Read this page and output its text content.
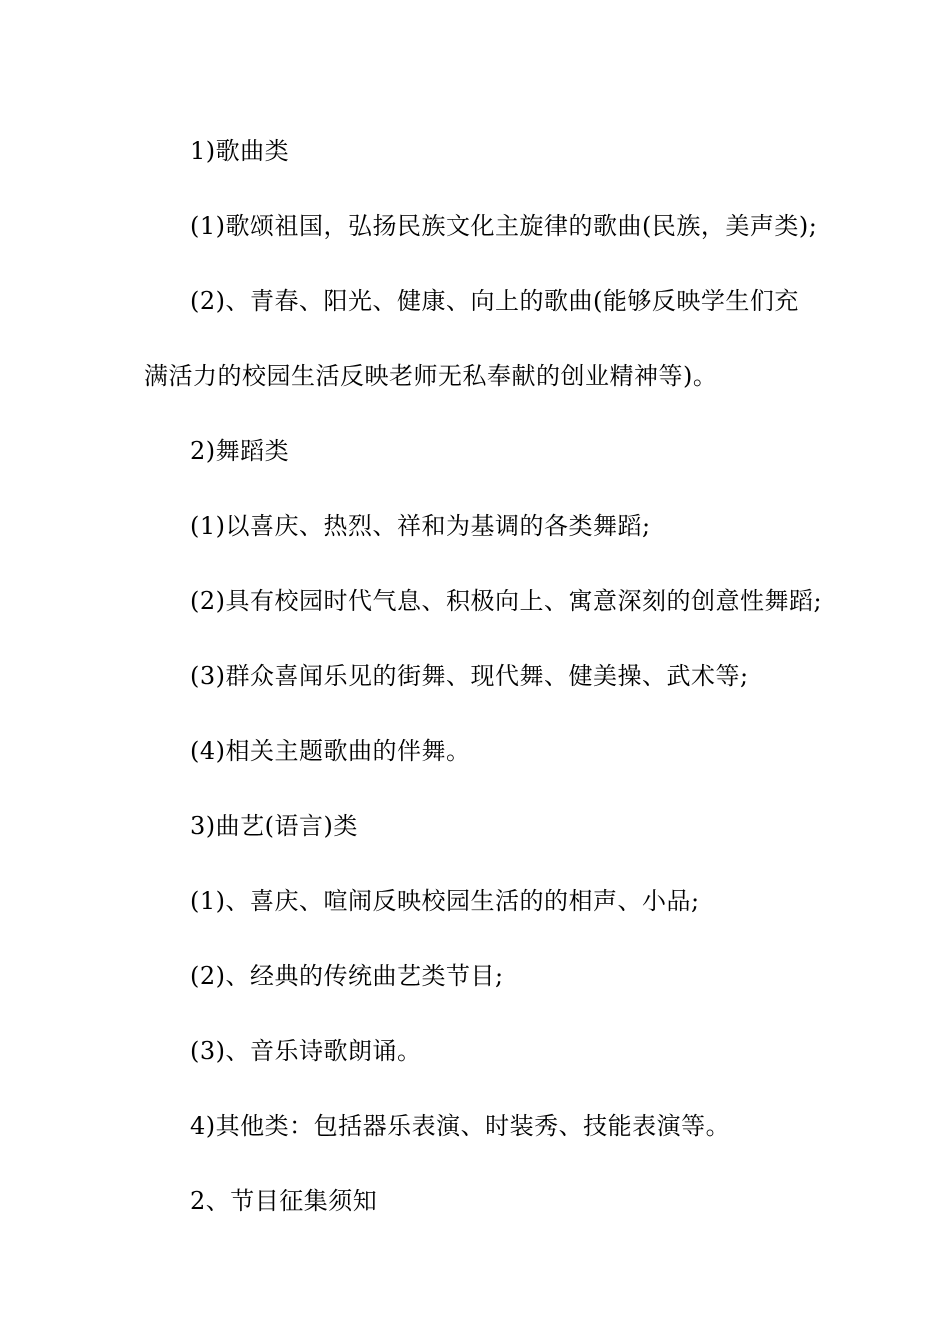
1)歌曲类
(1)歌颂祖国，弘扬民族文化主旋律的歌曲(民族，美声类);
(2)、青春、阳光、健康、向上的歌曲(能够反映学生们充
满活力的校园生活反映老师无私奉献的创业精神等)。
2)舞蹈类
(1)以喜庆、热烈、祥和为基调的各类舞蹈;
(2)具有校园时代气息、积极向上、寓意深刻的创意性舞蹈;
(3)群众喜闻乐见的街舞、现代舞、健美操、武术等;
(4)相关主题歌曲的伴舞。
3)曲艺(语言)类
(1)、喜庆、喧闹反映校园生活的的相声、小品;
(2)、经典的传统曲艺类节目;
(3)、音乐诗歌朗诵。
4)其他类：包括器乐表演、时装秀、技能表演等。
2、节目征集须知
